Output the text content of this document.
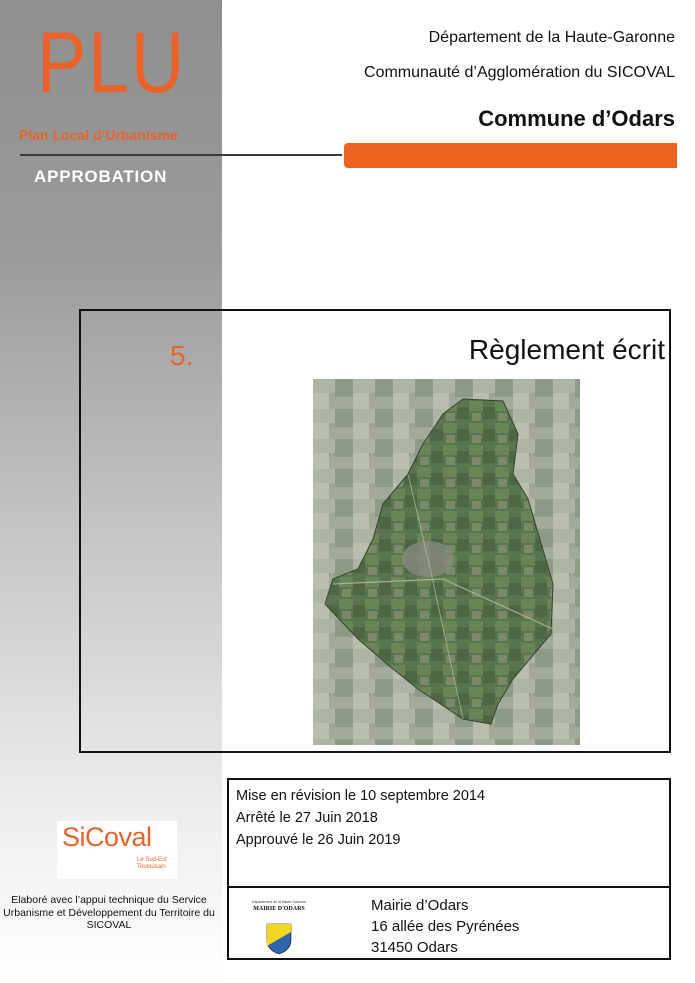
PLU
Plan Local d’Urbanisme
APPROBATION
Département de la Haute-Garonne
Communauté d’Agglomération du SICOVAL
Commune d’Odars
5.	Règlement écrit
Mise en révision le 10 septembre 2014
Arrêté le 27 Juin 2018
Approuvé le 26 Juin 2019
Département de la Haute-Garonne
MAIRIE D'ODARS	Mairie d’Odars
16 allée des Pyrénées
31450 Odars
SiCoval
Le Sud-Est
Toulousain
Elaboré avec l’appui technique du Service Urbanisme et Développement du Territoire du SICOVAL
